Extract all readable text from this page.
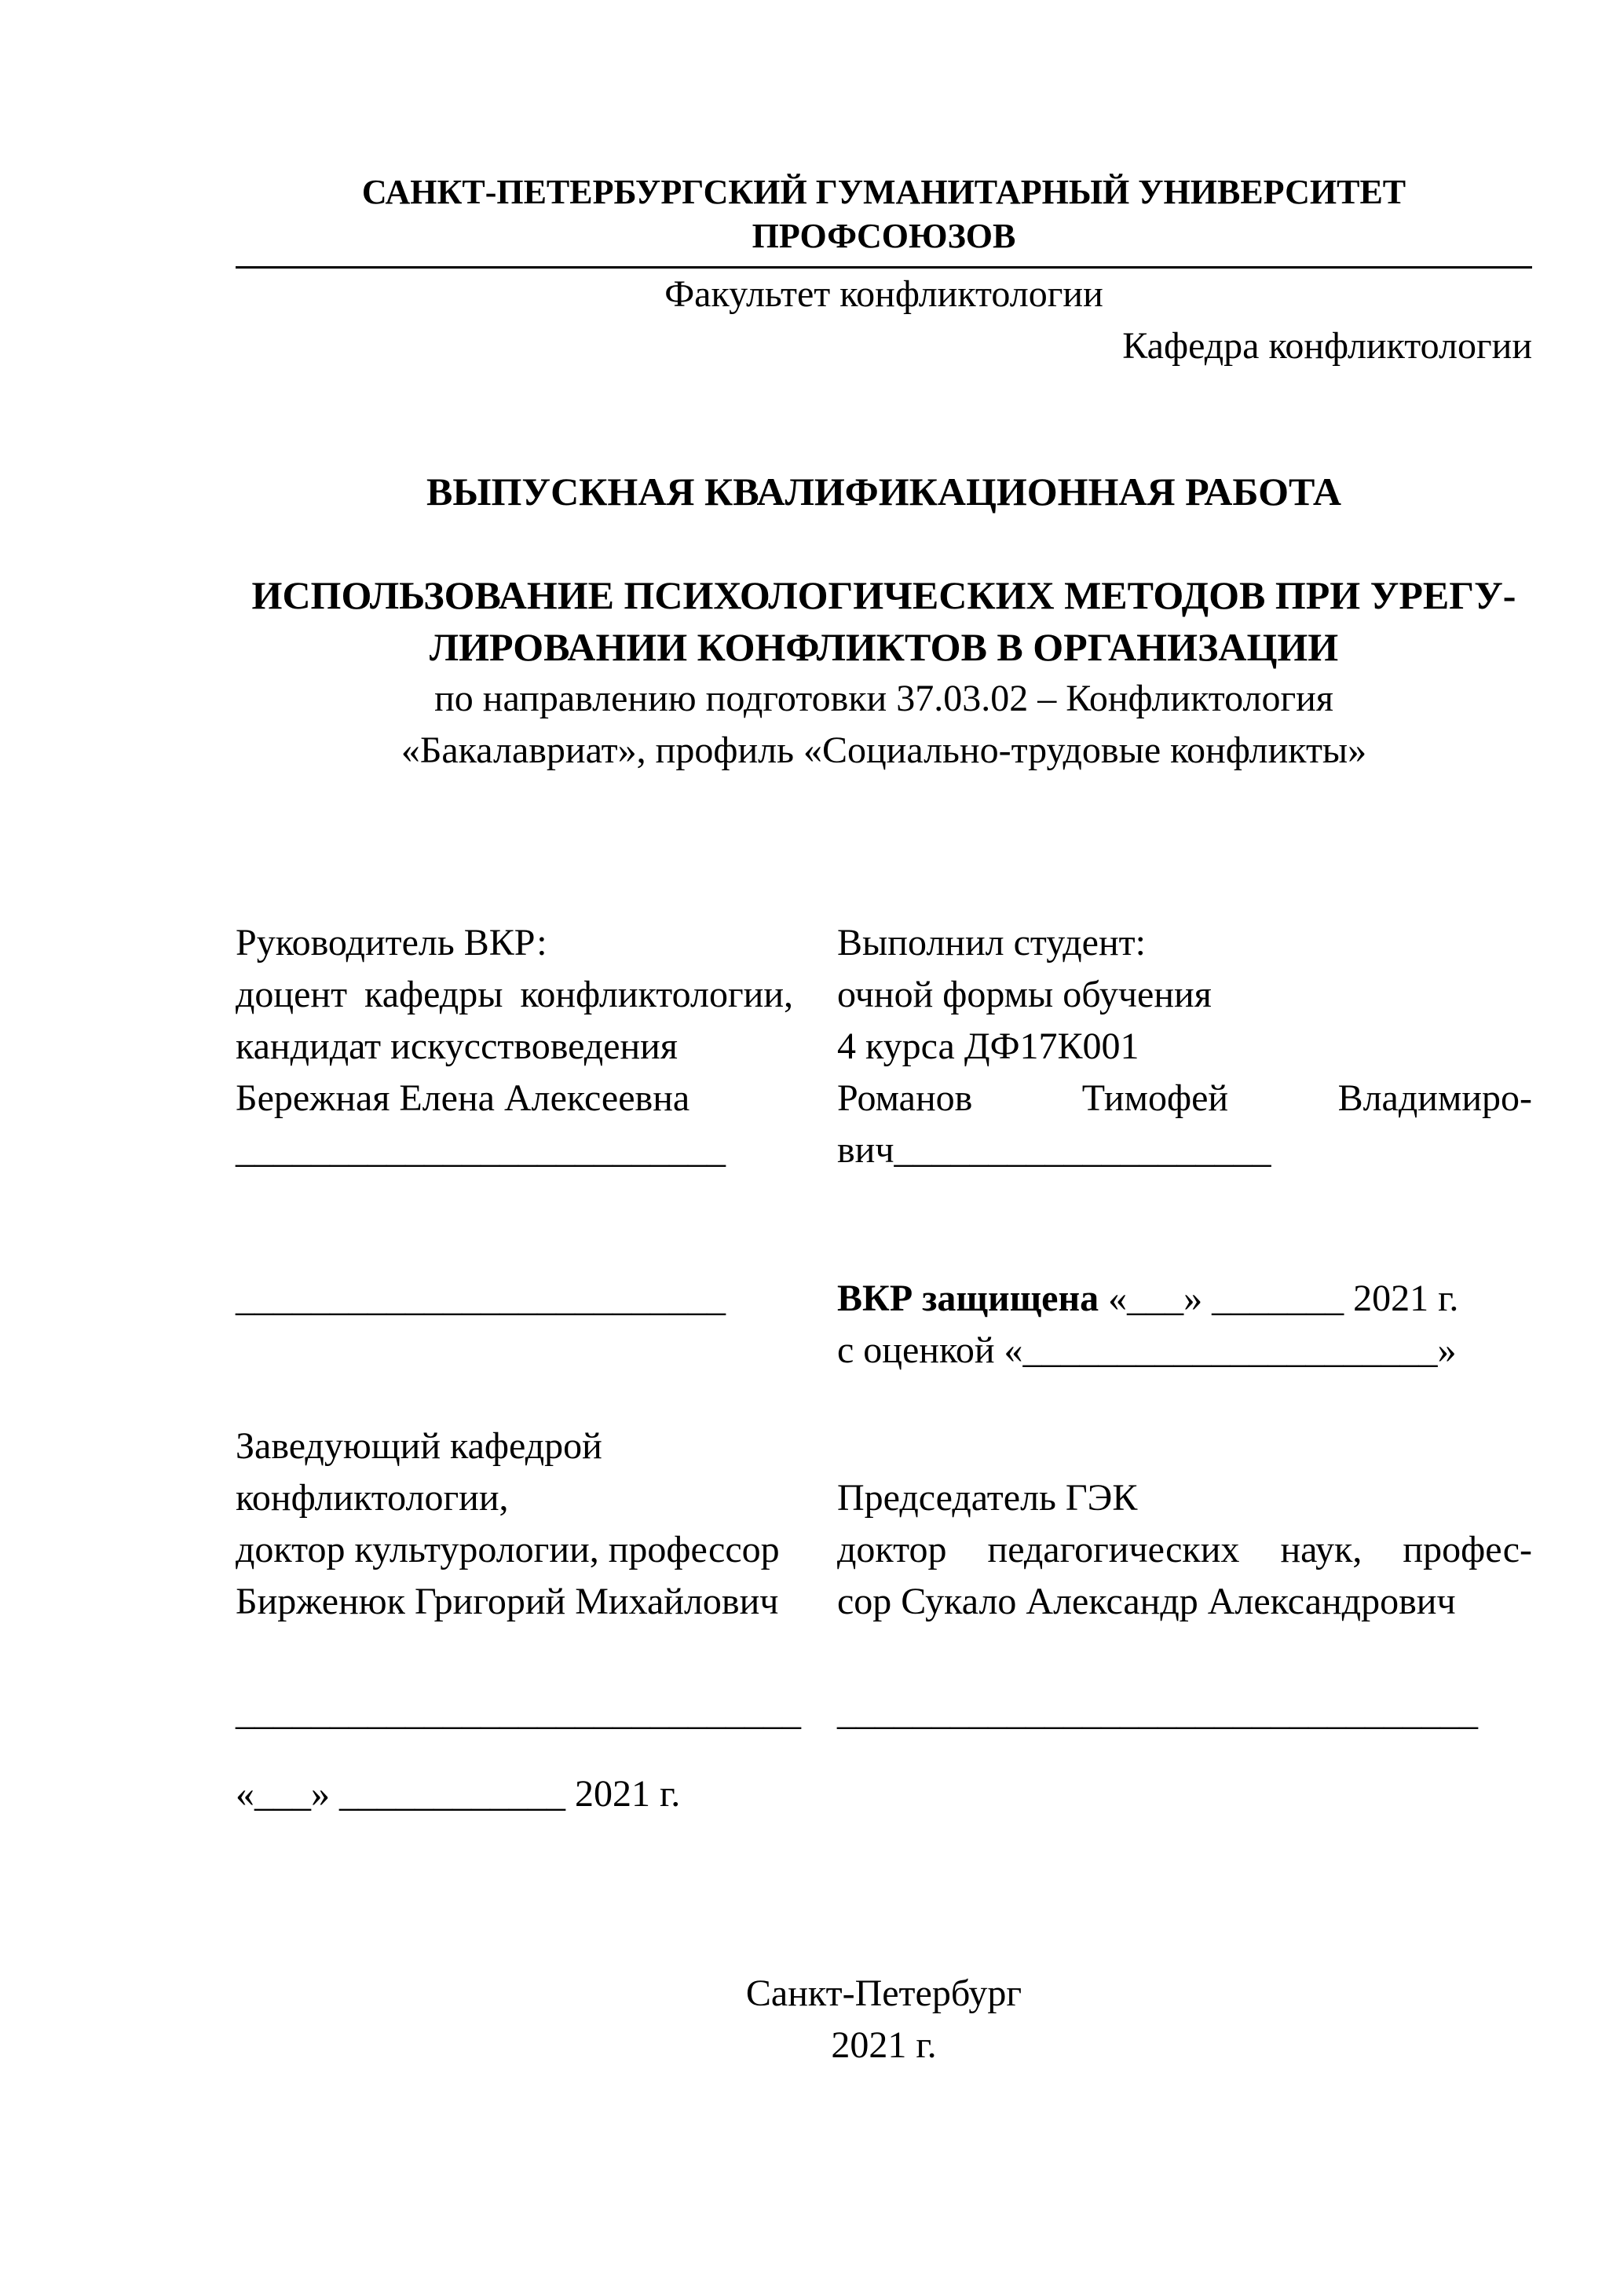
САНКТ-ПЕТЕРБУРГСКИЙ ГУМАНИТАРНЫЙ УНИВЕРСИТЕТ ПРОФСОЮЗОВ
Факультет конфликтологии
Кафедра конфликтологии
ВЫПУСКНАЯ КВАЛИФИКАЦИОННАЯ РАБОТА
ИСПОЛЬЗОВАНИЕ ПСИХОЛОГИЧЕСКИХ МЕТОДОВ ПРИ УРЕГУ-
ЛИРОВАНИИ КОНФЛИКТОВ В ОРГАНИЗАЦИИ
по направлению подготовки 37.03.02 – Конфликтология
«Бакалавриат», профиль «Социально-трудовые конфликты»
Руководитель ВКР:
доцент кафедры конфликтологии,
кандидат искусствоведения
Бережная Елена Алексеевна
__________________________
Выполнил студент:
очной формы обучения
4 курса ДФ17К001
Романов Тимофей Владимиро-
вич____________________
__________________________	ВКР защищена «___» _______ 2021 г.
с оценкой «______________________»
Заведующий кафедрой
конфликтологии,
доктор культурологии, профессор
Бирженюк Григорий Михайлович
Председатель ГЭК
доктор педагогических наук, профес-
сор Сукало Александр Александрович
______________________________ __________________________________
«___» ____________ 2021 г.
Санкт-Петербург
2021 г.
